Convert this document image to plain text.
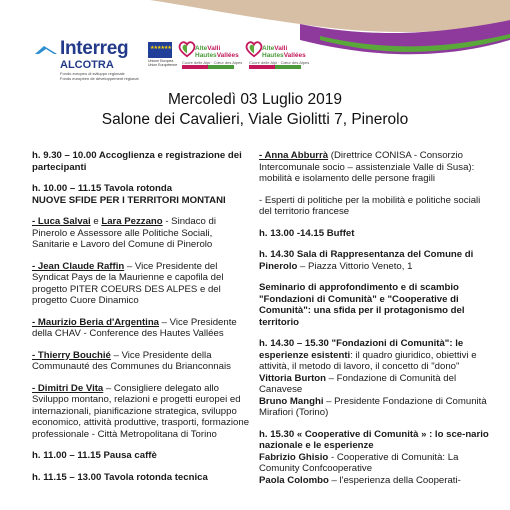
Interreg
ALCOTRA
Fondo europeo di sviluppo regionale
Fonds européen de développement régional
★★★★★★
Unione Europea Union Européenne
AlteValli
HautesVallées
Cuore delle Alpi · Cœur des Alpes
Salute Santé
AlteValli
HautesVallées
Cuore delle Alpi · Cœur des Alpes
Scuola École
Mercoledì 03 Luglio 2019
Salone dei Cavalieri, Viale Giolitti 7, Pinerolo
h. 9.30 – 10.00 Accoglienza e registrazione dei partecipanti
h. 10.00 – 11.15 Tavola rotonda
NUOVE SFIDE PER I TERRITORI MONTANI
- Luca Salvai e Lara Pezzano - Sindaco di Pinerolo e Assessore alle Politiche Sociali, Sanitarie e Lavoro del Comune di Pinerolo
- Jean Claude Raffin – Vice Presidente del Syndicat Pays de la Maurienne e capofila del progetto PITER COEURS DES ALPES e del progetto Cuore Dinamico
- Maurizio Beria d'Argentina – Vice Presidente della CHAV - Conference des Hautes Vallées
- Thierry Bouchié – Vice Presidente della Communauté des Communes du Brianconnais
- Dimitri De Vita – Consigliere delegato allo Sviluppo montano, relazioni e progetti europei ed internazionali, pianificazione strategica, sviluppo economico, attività produttive, trasporti, formazione professionale - Città Metropolitana di Torino
h. 11.00 – 11.15 Pausa caffè
h. 11.15 – 13.00 Tavola rotonda tecnica
- Anna Abburrà (Direttrice CONISA - Consorzio Intercomunale socio – assistenziale Valle di Susa): mobilità e isolamento delle persone fragili
- Esperti di politiche per la mobilità e politiche sociali del territorio francese
h. 13.00 -14.15 Buffet
h. 14.30 Sala di Rappresentanza del Comune di Pinerolo – Piazza Vittorio Veneto, 1
Seminario di approfondimento e di scambio "Fondazioni di Comunità" e "Cooperative di Comunità": una sfida per il protagonismo del territorio
h. 14.30 – 15.30 "Fondazioni di Comunità": le esperienze esistenti: il quadro giuridico, obiettivi e attività, il metodo di lavoro, il concetto di "dono"
Vittoria Burton – Fondazione di Comunità del Canavese
Bruno Manghi – Presidente Fondazione di Comunità Mirafiori (Torino)
h. 15.30 « Cooperative di Comunità » : lo sce-nario nazionale e le esperienze
Fabrizio Ghisio - Cooperative di Comunità: La Comunity Confcooperative
Paola Colombo – l'esperienza della Cooperati-
